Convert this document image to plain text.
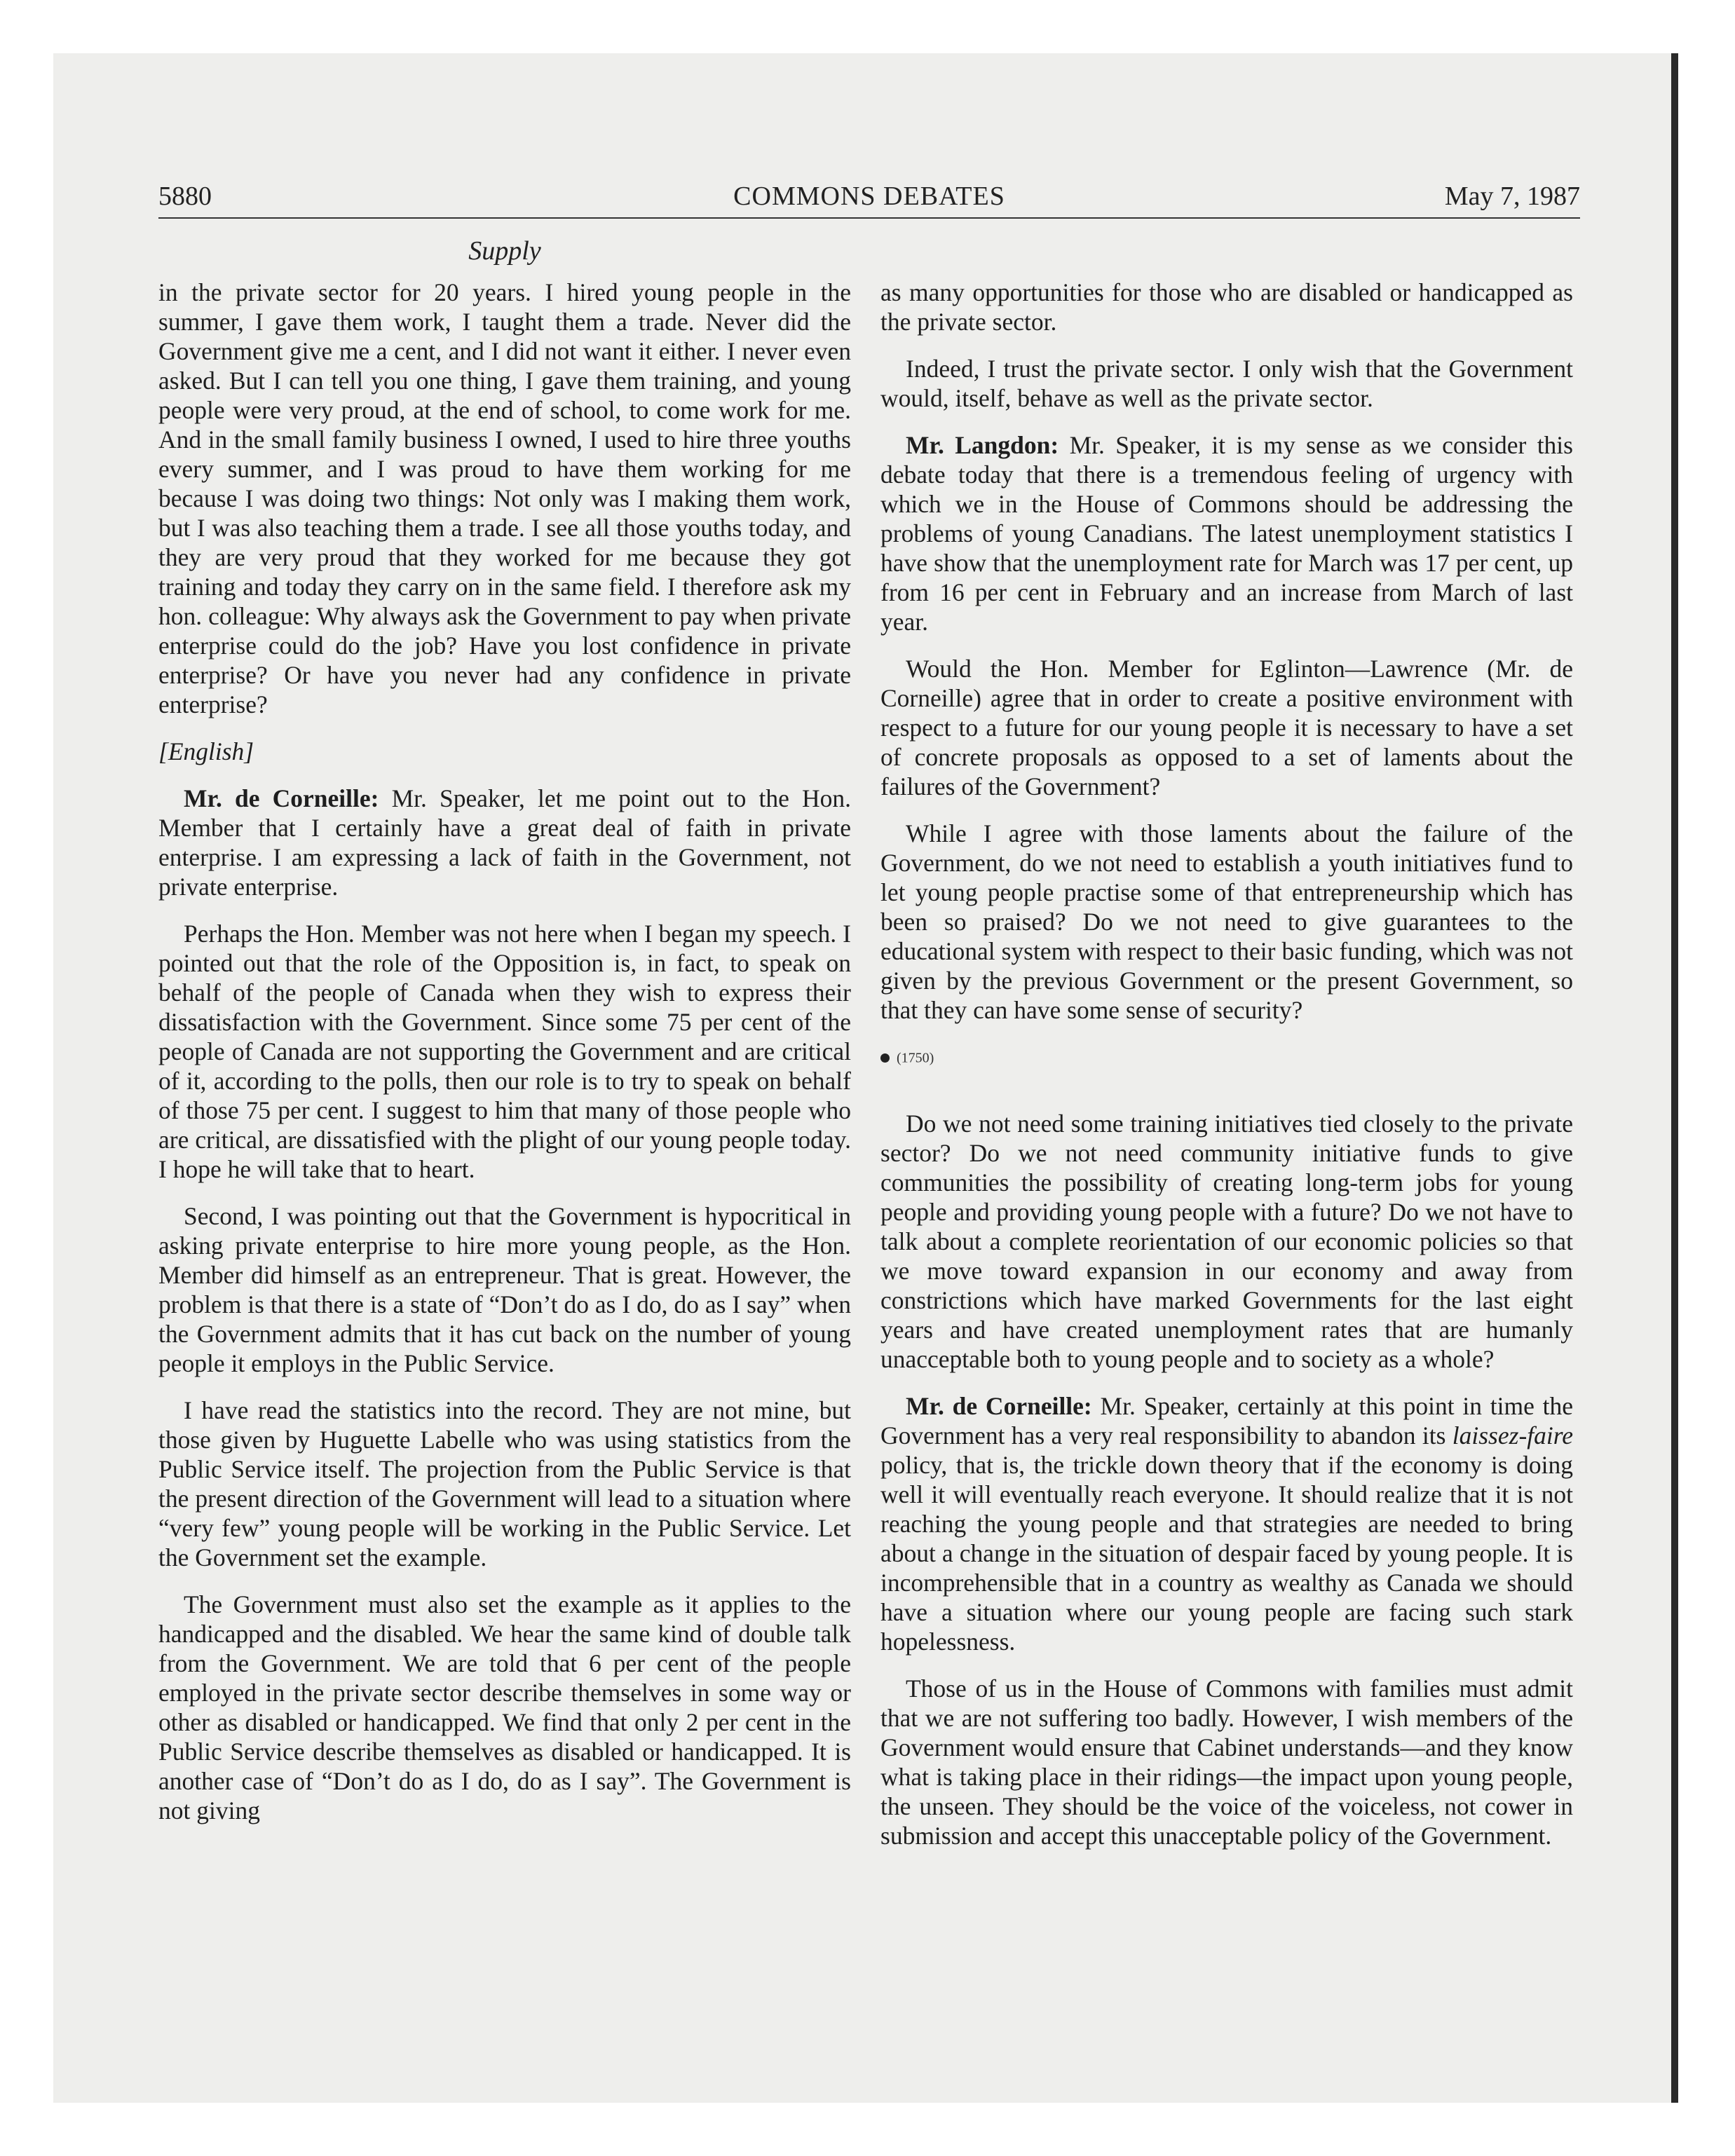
5880	COMMONS DEBATES	May 7, 1987
Supply

in the private sector for 20 years. I hired young people in the summer, I gave them work, I taught them a trade. Never did the Government give me a cent, and I did not want it either. I never even asked. But I can tell you one thing, I gave them training, and young people were very proud, at the end of school, to come work for me. And in the small family business I owned, I used to hire three youths every summer, and I was proud to have them working for me because I was doing two things: Not only was I making them work, but I was also teaching them a trade. I see all those youths today, and they are very proud that they worked for me because they got training and today they carry on in the same field. I therefore ask my hon. colleague: Why always ask the Government to pay when private enterprise could do the job? Have you lost confidence in private enterprise? Or have you never had any confidence in private enterprise?

[English]

Mr. de Corneille: Mr. Speaker, let me point out to the Hon. Member that I certainly have a great deal of faith in private enterprise. I am expressing a lack of faith in the Government, not private enterprise.

Perhaps the Hon. Member was not here when I began my speech. I pointed out that the role of the Opposition is, in fact, to speak on behalf of the people of Canada when they wish to express their dissatisfaction with the Government. Since some 75 per cent of the people of Canada are not supporting the Government and are critical of it, according to the polls, then our role is to try to speak on behalf of those 75 per cent. I suggest to him that many of those people who are critical, are dissatisfied with the plight of our young people today. I hope he will take that to heart.

Second, I was pointing out that the Government is hypocritical in asking private enterprise to hire more young people, as the Hon. Member did himself as an entrepreneur. That is great. However, the problem is that there is a state of “Don’t do as I do, do as I say” when the Government admits that it has cut back on the number of young people it employs in the Public Service.

I have read the statistics into the record. They are not mine, but those given by Huguette Labelle who was using statistics from the Public Service itself. The projection from the Public Service is that the present direction of the Government will lead to a situation where “very few” young people will be working in the Public Service. Let the Government set the example.

The Government must also set the example as it applies to the handicapped and the disabled. We hear the same kind of double talk from the Government. We are told that 6 per cent of the people employed in the private sector describe themselves in some way or other as disabled or handicapped. We find that only 2 per cent in the Public Service describe themselves as disabled or handicapped. It is another case of “Don’t do as I do, do as I say”. The Government is not giving

as many opportunities for those who are disabled or handicapped as the private sector.

Indeed, I trust the private sector. I only wish that the Government would, itself, behave as well as the private sector.

Mr. Langdon: Mr. Speaker, it is my sense as we consider this debate today that there is a tremendous feeling of urgency with which we in the House of Commons should be addressing the problems of young Canadians. The latest unemployment statistics I have show that the unemployment rate for March was 17 per cent, up from 16 per cent in February and an increase from March of last year.

Would the Hon. Member for Eglinton—Lawrence (Mr. de Corneille) agree that in order to create a positive environment with respect to a future for our young people it is necessary to have a set of concrete proposals as opposed to a set of laments about the failures of the Government?

While I agree with those laments about the failure of the Government, do we not need to establish a youth initiatives fund to let young people practise some of that entrepreneurship which has been so praised? Do we not need to give guarantees to the educational system with respect to their basic funding, which was not given by the previous Government or the present Government, so that they can have some sense of security?

(1750)

Do we not need some training initiatives tied closely to the private sector? Do we not need community initiative funds to give communities the possibility of creating long-term jobs for young people and providing young people with a future? Do we not have to talk about a complete reorientation of our economic policies so that we move toward expansion in our economy and away from constrictions which have marked Governments for the last eight years and have created unemployment rates that are humanly unacceptable both to young people and to society as a whole?

Mr. de Corneille: Mr. Speaker, certainly at this point in time the Government has a very real responsibility to abandon its laissez-faire policy, that is, the trickle down theory that if the economy is doing well it will eventually reach everyone. It should realize that it is not reaching the young people and that strategies are needed to bring about a change in the situation of despair faced by young people. It is incomprehensible that in a country as wealthy as Canada we should have a situation where our young people are facing such stark hopelessness.

Those of us in the House of Commons with families must admit that we are not suffering too badly. However, I wish members of the Government would ensure that Cabinet understands—and they know what is taking place in their ridings—the impact upon young people, the unseen. They should be the voice of the voiceless, not cower in submission and accept this unacceptable policy of the Government.
